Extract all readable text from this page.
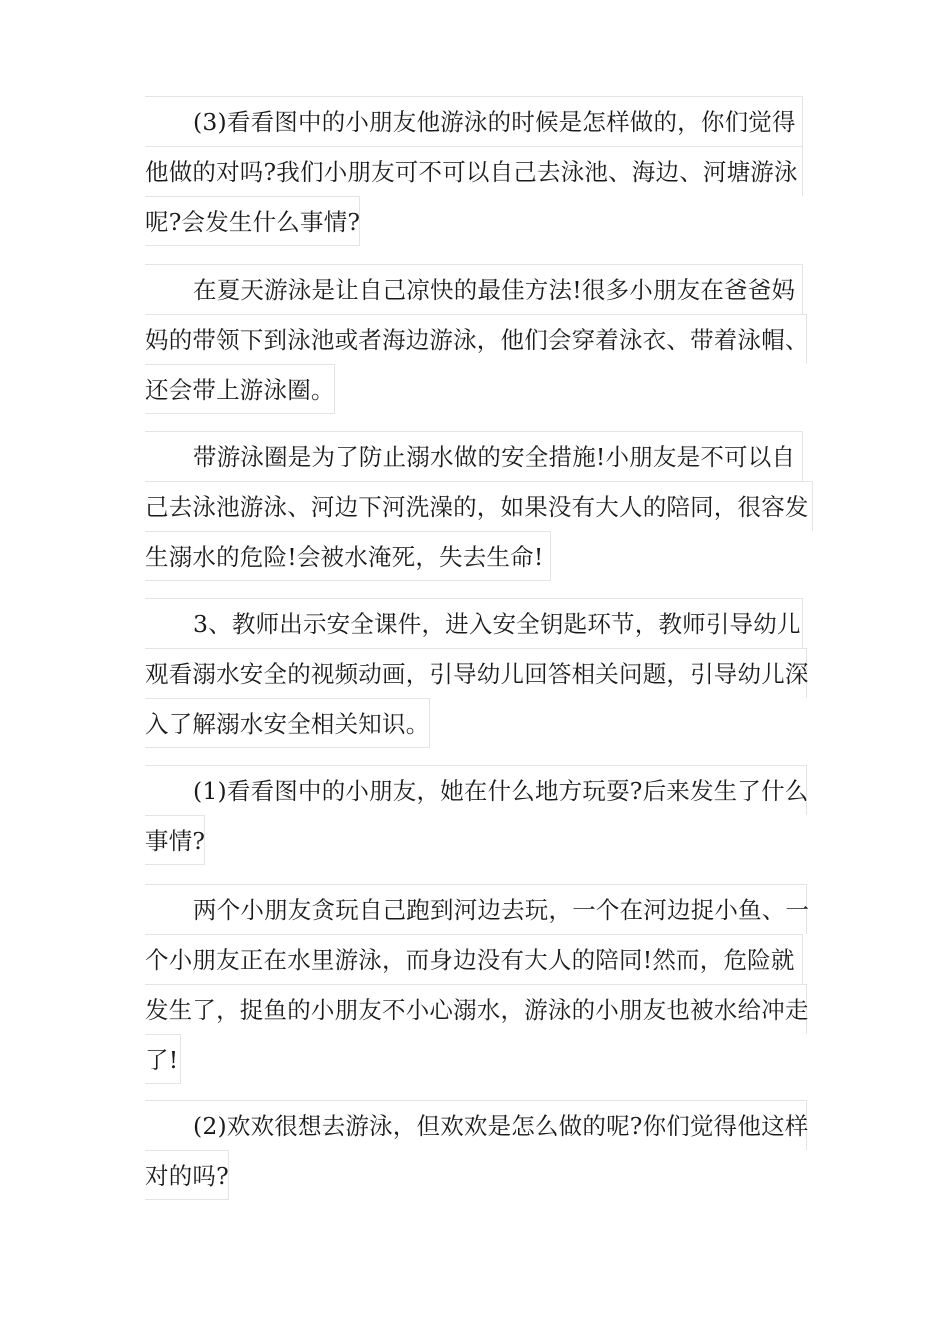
(3)看看图中的小朋友他游泳的时候是怎样做的，你们觉得
他做的对吗?我们小朋友可不可以自己去泳池、海边、河塘游泳
呢?会发生什么事情?
在夏天游泳是让自己凉快的最佳方法!很多小朋友在爸爸妈
妈的带领下到泳池或者海边游泳，他们会穿着泳衣、带着泳帽、
还会带上游泳圈。
带游泳圈是为了防止溺水做的安全措施!小朋友是不可以自
己去泳池游泳、河边下河洗澡的，如果没有大人的陪同，很容发
生溺水的危险!会被水淹死，失去生命!
3、教师出示安全课件，进入安全钥匙环节，教师引导幼儿
观看溺水安全的视频动画，引导幼儿回答相关问题，引导幼儿深
入了解溺水安全相关知识。
(1)看看图中的小朋友，她在什么地方玩耍?后来发生了什么
事情?
两个小朋友贪玩自己跑到河边去玩，一个在河边捉小鱼、一
个小朋友正在水里游泳，而身边没有大人的陪同!然而，危险就
发生了，捉鱼的小朋友不小心溺水，游泳的小朋友也被水给冲走
了!
(2)欢欢很想去游泳，但欢欢是怎么做的呢?你们觉得他这样
对的吗?
